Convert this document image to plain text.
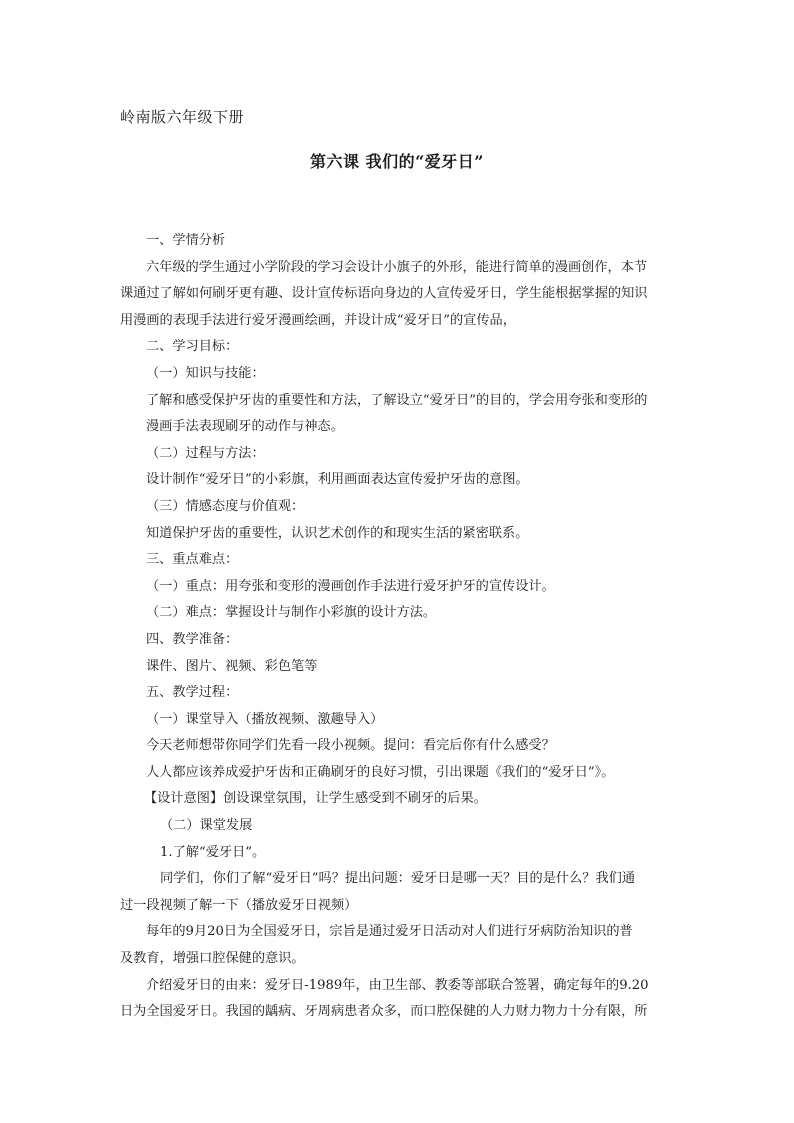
岭南版六年级下册
第六课 我们的“爱牙日”

一、学情分析

六年级的学生通过小学阶段的学习会设计小旗子的外形，能进行简单的漫画创作，本节

课通过了解如何刷牙更有趣、设计宣传标语向身边的人宣传爱牙日，学生能根据掌握的知识

用漫画的表现手法进行爱牙漫画绘画，并设计成“爱牙日”的宣传品，

二、学习目标：

（一）知识与技能：

了解和感受保护牙齿的重要性和方法，了解设立“爱牙日”的目的，学会用夸张和变形的

漫画手法表现刷牙的动作与神态。

（二）过程与方法：

设计制作“爱牙日”的小彩旗，利用画面表达宣传爱护牙齿的意图。

（三）情感态度与价值观：

知道保护牙齿的重要性，认识艺术创作的和现实生活的紧密联系。

三、重点难点：

（一）重点：用夸张和变形的漫画创作手法进行爱牙护牙的宣传设计。

（二）难点：掌握设计与制作小彩旗的设计方法。

四、教学准备：

课件、图片、视频、彩色笔等

五、教学过程：

（一）课堂导入（播放视频、激趣导入）

今天老师想带你同学们先看一段小视频。提问：看完后你有什么感受？

人人都应该养成爱护牙齿和正确刷牙的良好习惯，引出课题《我们的“爱牙日”》。

【设计意图】创设课堂氛围，让学生感受到不刷牙的后果。

（二）课堂发展

1.了解“爱牙日”。

同学们，你们了解“爱牙日”吗？提出问题：爱牙日是哪一天？目的是什么？我们通

过一段视频了解一下（播放爱牙日视频）

每年的9月20日为全国爱牙日，宗旨是通过爱牙日活动对人们进行牙病防治知识的普

及教育，增强口腔保健的意识。

介绍爱牙日的由来：爱牙日-1989年，由卫生部、教委等部联合签署，确定每年的9.20

日为全国爱牙日。我国的龋病、牙周病患者众多，而口腔保健的人力财力物力十分有限，所
